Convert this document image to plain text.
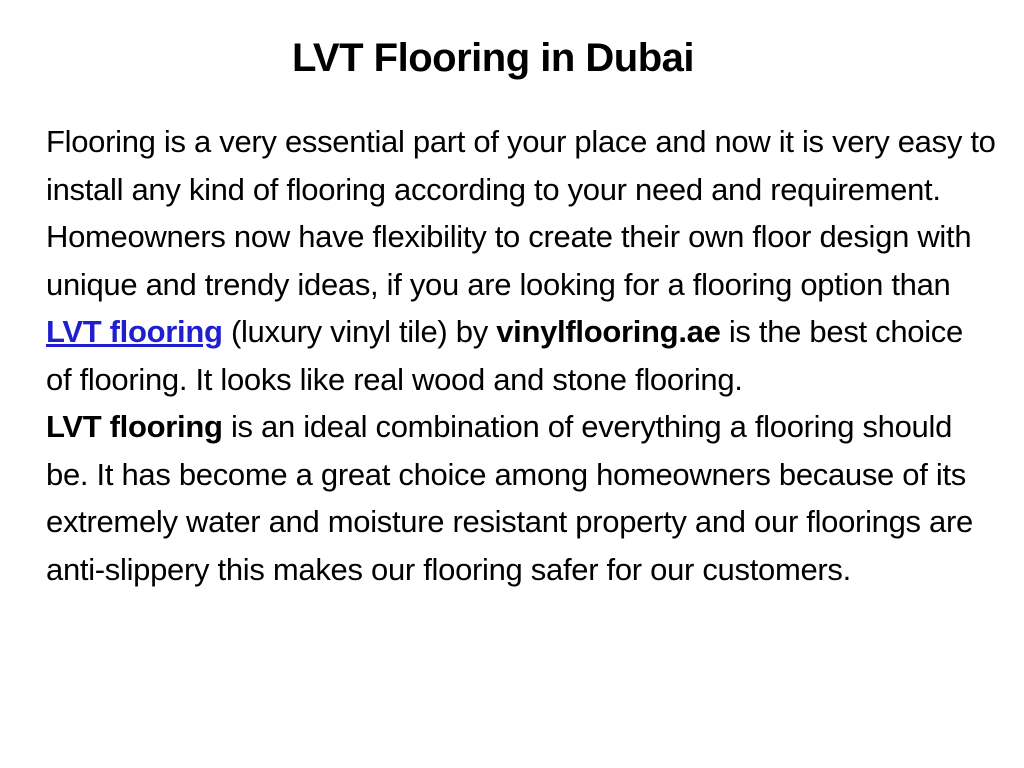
LVT Flooring in Dubai

Flooring is a very essential part of your place and now it is very easy to install any kind of flooring according to your need and requirement. Homeowners now have flexibility to create their own floor design with unique and trendy ideas, if you are looking for a flooring option than LVT flooring (luxury vinyl tile) by vinylflooring.ae is the best choice of flooring. It looks like real wood and stone flooring.

LVT flooring is an ideal combination of everything a flooring should be. It has become a great choice among homeowners because of its extremely water and moisture resistant property and our floorings are anti-slippery this makes our flooring safer for our customers.
